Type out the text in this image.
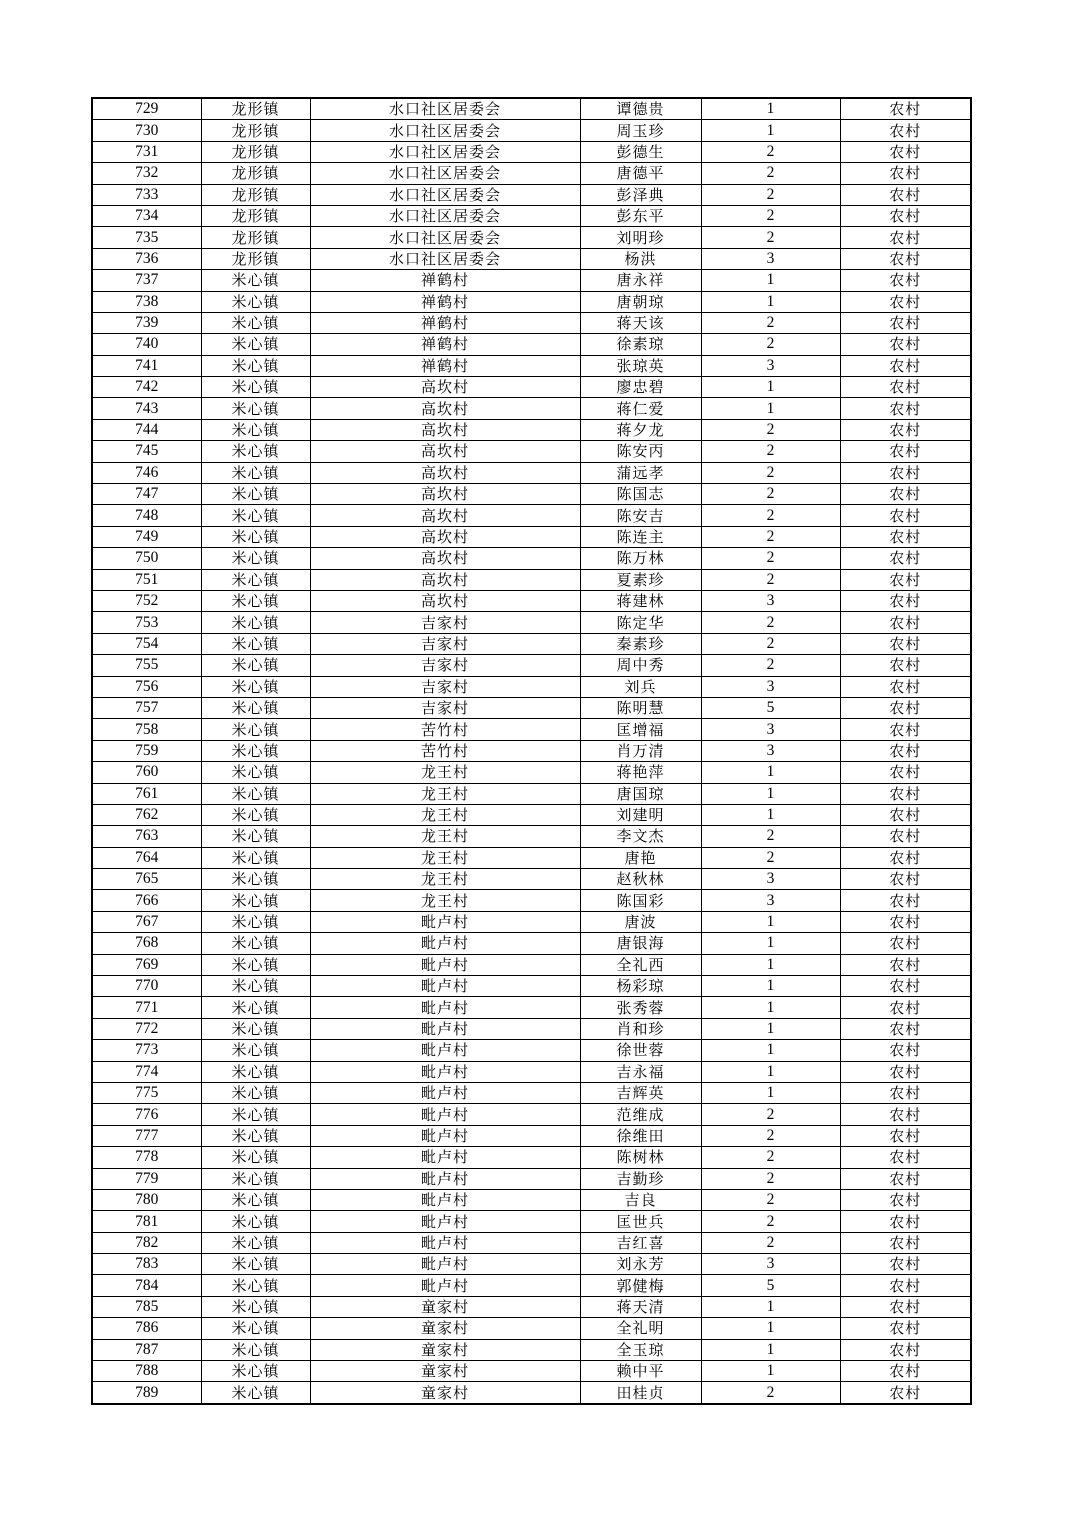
729	龙形镇	水口社区居委会	谭德贵	1	农村
730	龙形镇	水口社区居委会	周玉珍	1	农村
731	龙形镇	水口社区居委会	彭德生	2	农村
732	龙形镇	水口社区居委会	唐德平	2	农村
733	龙形镇	水口社区居委会	彭泽典	2	农村
734	龙形镇	水口社区居委会	彭东平	2	农村
735	龙形镇	水口社区居委会	刘明珍	2	农村
736	龙形镇	水口社区居委会	杨洪	3	农村
737	米心镇	禅鹤村	唐永祥	1	农村
738	米心镇	禅鹤村	唐朝琼	1	农村
739	米心镇	禅鹤村	蒋天该	2	农村
740	米心镇	禅鹤村	徐素琼	2	农村
741	米心镇	禅鹤村	张琼英	3	农村
742	米心镇	高坎村	廖忠碧	1	农村
743	米心镇	高坎村	蒋仁爱	1	农村
744	米心镇	高坎村	蒋夕龙	2	农村
745	米心镇	高坎村	陈安丙	2	农村
746	米心镇	高坎村	蒲远孝	2	农村
747	米心镇	高坎村	陈国志	2	农村
748	米心镇	高坎村	陈安吉	2	农村
749	米心镇	高坎村	陈连主	2	农村
750	米心镇	高坎村	陈万林	2	农村
751	米心镇	高坎村	夏素珍	2	农村
752	米心镇	高坎村	蒋建林	3	农村
753	米心镇	吉家村	陈定华	2	农村
754	米心镇	吉家村	秦素珍	2	农村
755	米心镇	吉家村	周中秀	2	农村
756	米心镇	吉家村	刘兵	3	农村
757	米心镇	吉家村	陈明慧	5	农村
758	米心镇	苦竹村	匡增福	3	农村
759	米心镇	苦竹村	肖万清	3	农村
760	米心镇	龙王村	蒋艳萍	1	农村
761	米心镇	龙王村	唐国琼	1	农村
762	米心镇	龙王村	刘建明	1	农村
763	米心镇	龙王村	李文杰	2	农村
764	米心镇	龙王村	唐艳	2	农村
765	米心镇	龙王村	赵秋林	3	农村
766	米心镇	龙王村	陈国彩	3	农村
767	米心镇	毗卢村	唐波	1	农村
768	米心镇	毗卢村	唐银海	1	农村
769	米心镇	毗卢村	全礼西	1	农村
770	米心镇	毗卢村	杨彩琼	1	农村
771	米心镇	毗卢村	张秀蓉	1	农村
772	米心镇	毗卢村	肖和珍	1	农村
773	米心镇	毗卢村	徐世蓉	1	农村
774	米心镇	毗卢村	吉永福	1	农村
775	米心镇	毗卢村	吉辉英	1	农村
776	米心镇	毗卢村	范维成	2	农村
777	米心镇	毗卢村	徐维田	2	农村
778	米心镇	毗卢村	陈树林	2	农村
779	米心镇	毗卢村	吉勤珍	2	农村
780	米心镇	毗卢村	吉良	2	农村
781	米心镇	毗卢村	匡世兵	2	农村
782	米心镇	毗卢村	吉红喜	2	农村
783	米心镇	毗卢村	刘永芳	3	农村
784	米心镇	毗卢村	郭健梅	5	农村
785	米心镇	童家村	蒋天清	1	农村
786	米心镇	童家村	全礼明	1	农村
787	米心镇	童家村	全玉琼	1	农村
788	米心镇	童家村	赖中平	1	农村
789	米心镇	童家村	田桂贞	2	农村
